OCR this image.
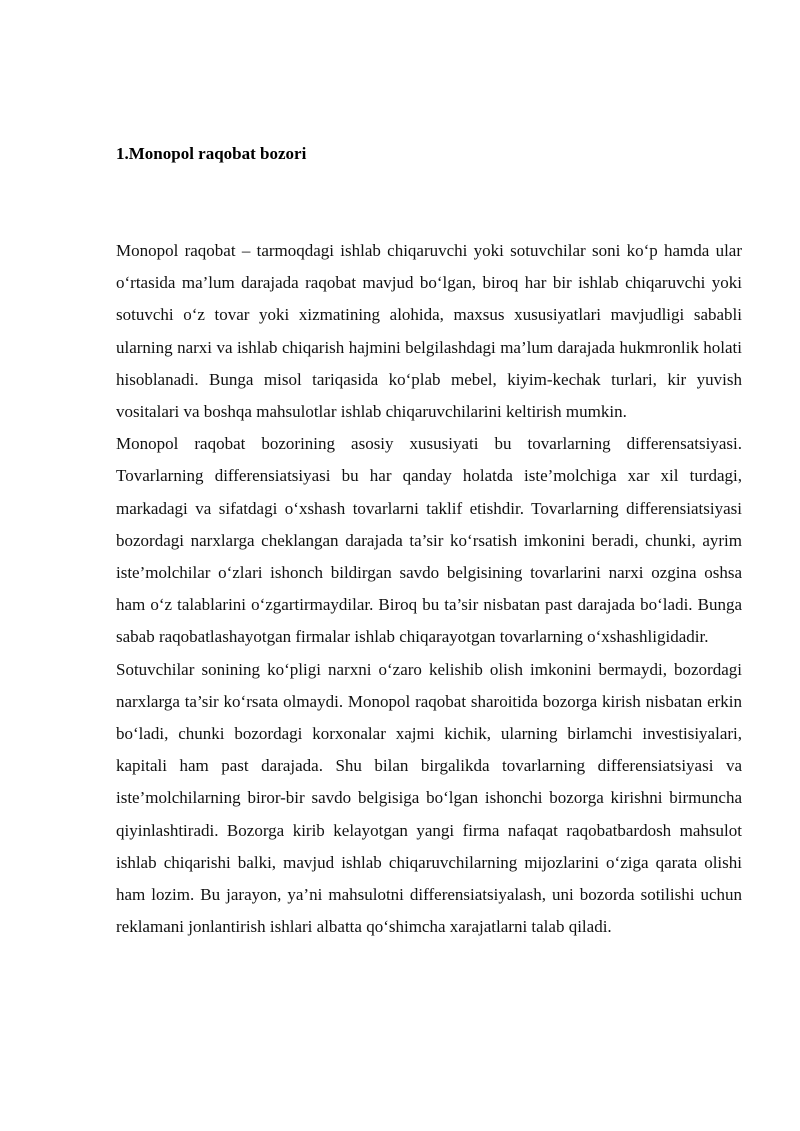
1.Monopol raqobat bozori

Monopol raqobat – tarmoqdagi ishlab chiqaruvchi yoki sotuvchilar soni ko‘p hamda ular o‘rtasida ma’lum darajada raqobat mavjud bo‘lgan, biroq har bir ishlab chiqaruvchi yoki sotuvchi o‘z tovar yoki xizmatining alohida, maxsus xususiyatlari mavjudligi sababli ularning narxi va ishlab chiqarish hajmini belgilashdagi ma’lum darajada hukmronlik holati hisoblanadi. Bunga misol tariqasida ko‘plab mebel, kiyim-kechak turlari, kir yuvish vositalari va boshqa mahsulotlar ishlab chiqaruvchilarini keltirish mumkin.

Monopol raqobat bozorining asosiy xususiyati bu tovarlarning differensatsiyasi. Tovarlarning differensiatsiyasi bu har qanday holatda iste’molchiga xar xil turdagi, markadagi va sifatdagi o‘xshash tovarlarni taklif etishdir. Tovarlarning differensiatsiyasi bozordagi narxlarga cheklangan darajada ta’sir ko‘rsatish imkonini beradi, chunki, ayrim iste’molchilar o‘zlari ishonch bildirgan savdo belgisining tovarlarini narxi ozgina oshsa ham o‘z talablarini o‘zgartirmaydilar. Biroq bu ta’sir nisbatan past darajada bo‘ladi. Bunga sabab raqobatlashayotgan firmalar ishlab chiqarayotgan tovarlarning o‘xshashligidadir.

Sotuvchilar sonining ko‘pligi narxni o‘zaro kelishib olish imkonini bermaydi, bozordagi narxlarga ta’sir ko‘rsata olmaydi. Monopol raqobat sharoitida bozorga kirish nisbatan erkin bo‘ladi, chunki bozordagi korxonalar xajmi kichik, ularning birlamchi investisiyalari, kapitali ham past darajada. Shu bilan birgalikda tovarlarning differensiatsiyasi va iste’molchilarning biror-bir savdo belgisiga bo‘lgan ishonchi bozorga kirishni birmuncha qiyinlashtiradi. Bozorga kirib kelayotgan yangi firma nafaqat raqobatbardosh mahsulot ishlab chiqarishi balki, mavjud ishlab chiqaruvchilarning mijozlarini o‘ziga qarata olishi ham lozim. Bu jarayon, ya’ni mahsulotni differensiatsiyalash, uni bozorda sotilishi uchun reklamani jonlantirish ishlari albatta qo‘shimcha xarajatlarni talab qiladi.
